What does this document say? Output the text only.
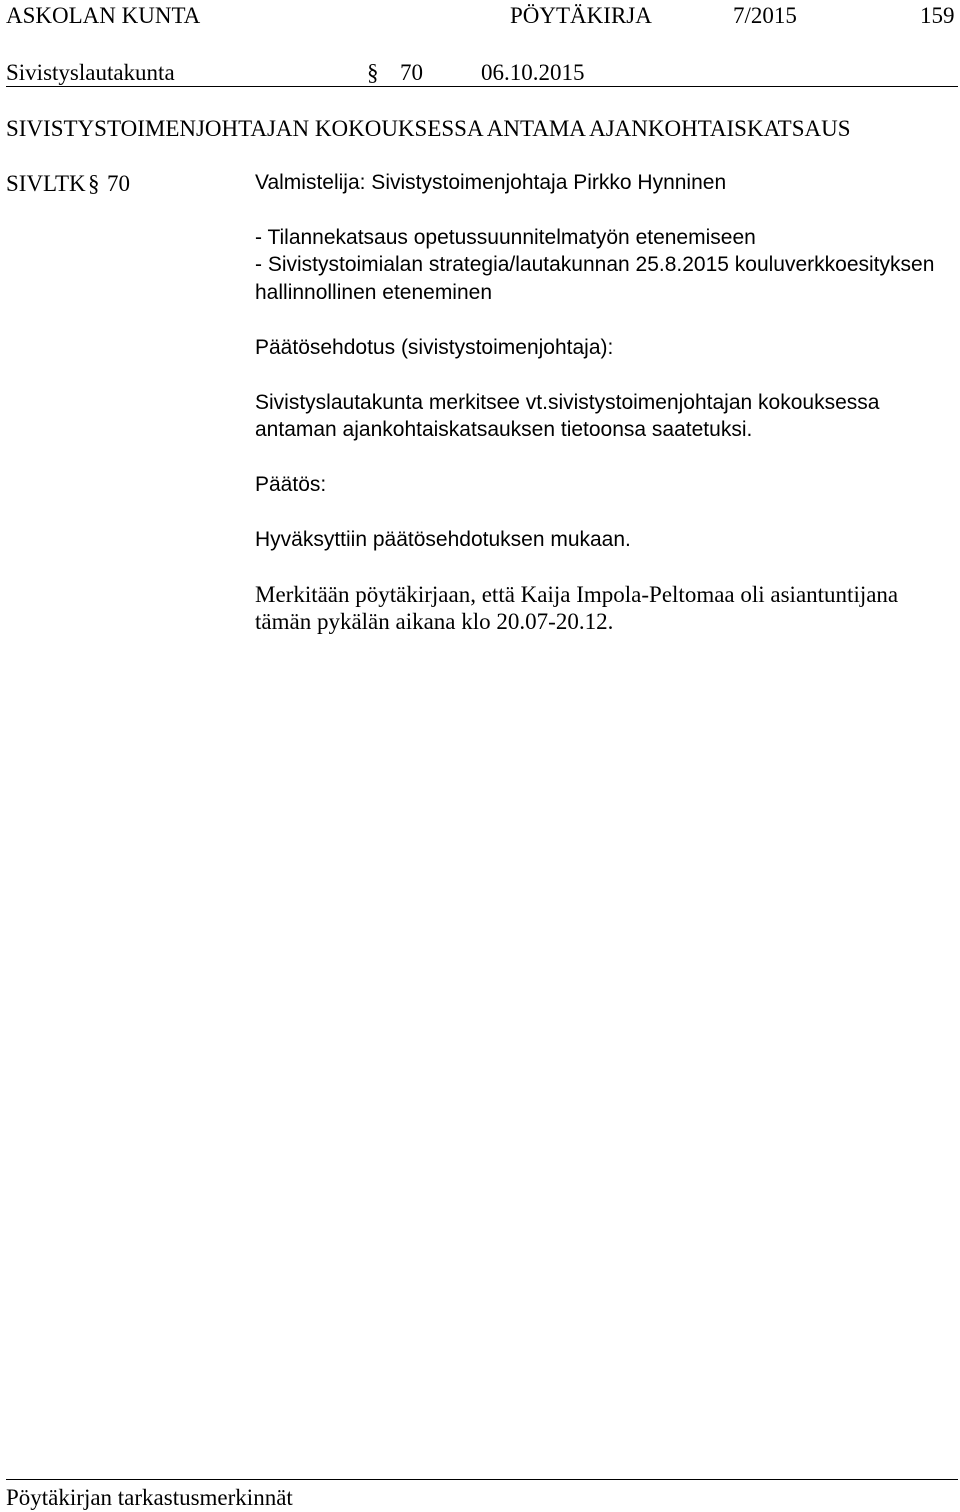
ASKOLAN KUNTA	PÖYTÄKIRJA	7/2015	159
Sivistyslautakunta	§ 70	06.10.2015
SIVISTYSTOIMENJOHTAJAN KOKOUKSESSA ANTAMA AJANKOHTAISKATSAUS
SIVLTK § 70	Valmistelija: Sivistystoimenjohtaja Pirkko Hynninen
- Tilannekatsaus opetussuunnitelmatyön etenemiseen
- Sivistystoimialan strategia/lautakunnan 25.8.2015 kouluverkkoesityksen
hallinnollinen eteneminen
Päätösehdotus (sivistystoimenjohtaja):
Sivistyslautakunta merkitsee vt.sivistystoimenjohtajan kokouksessa
antaman ajankohtaiskatsauksen tietoonsa saatetuksi.
Päätös:
Hyväksyttiin päätösehdotuksen mukaan.
Merkitään pöytäkirjaan, että Kaija Impola-Peltomaa oli asiantuntijana
tämän pykälän aikana klo 20.07-20.12.
Pöytäkirjan tarkastusmerkinnät
